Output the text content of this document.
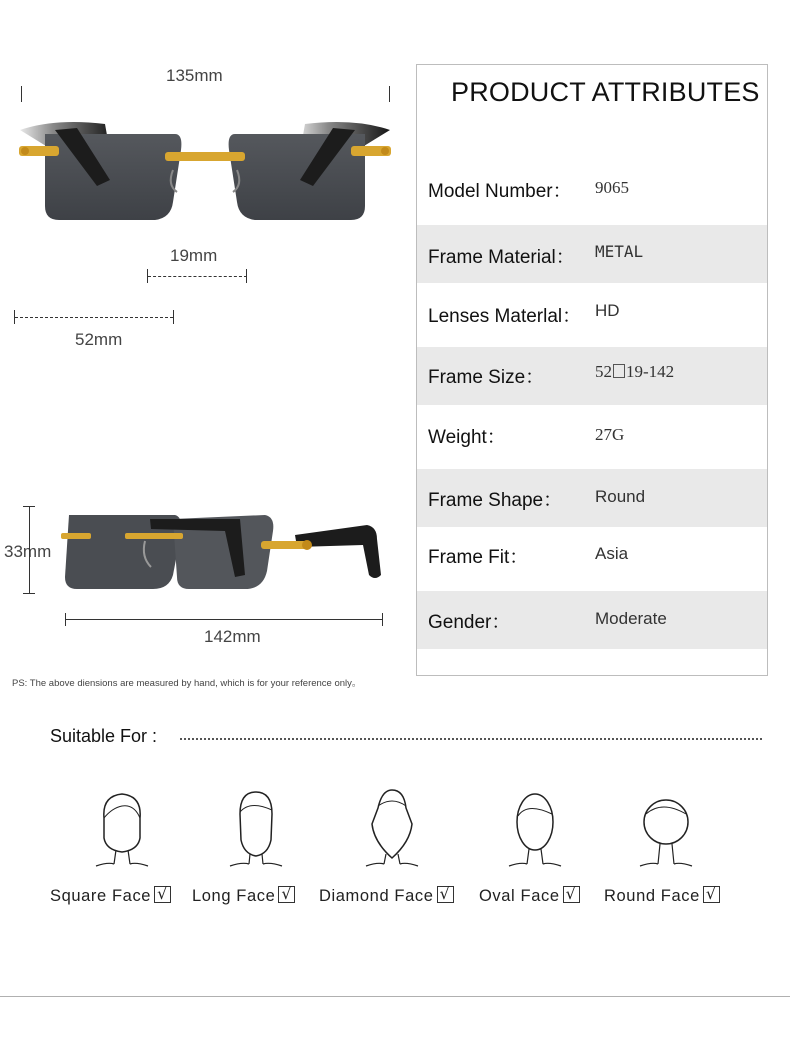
135mm
19mm
52mm
33mm
142mm
PRODUCT ATTRIBUTES
Model Number： 9065
Frame Material： METAL
Lenses Materlal： HD
Frame Size：	52 19-142
Weight：	27G
Frame Shape： Round
Frame Fit：	Asia
Gender：	Moderate
PS: The above diensions are measured by hand, which is for your reference only。
Suitable For :
Square Face √	Long Face √	Diamond Face √	Oval Face √	Round Face√
